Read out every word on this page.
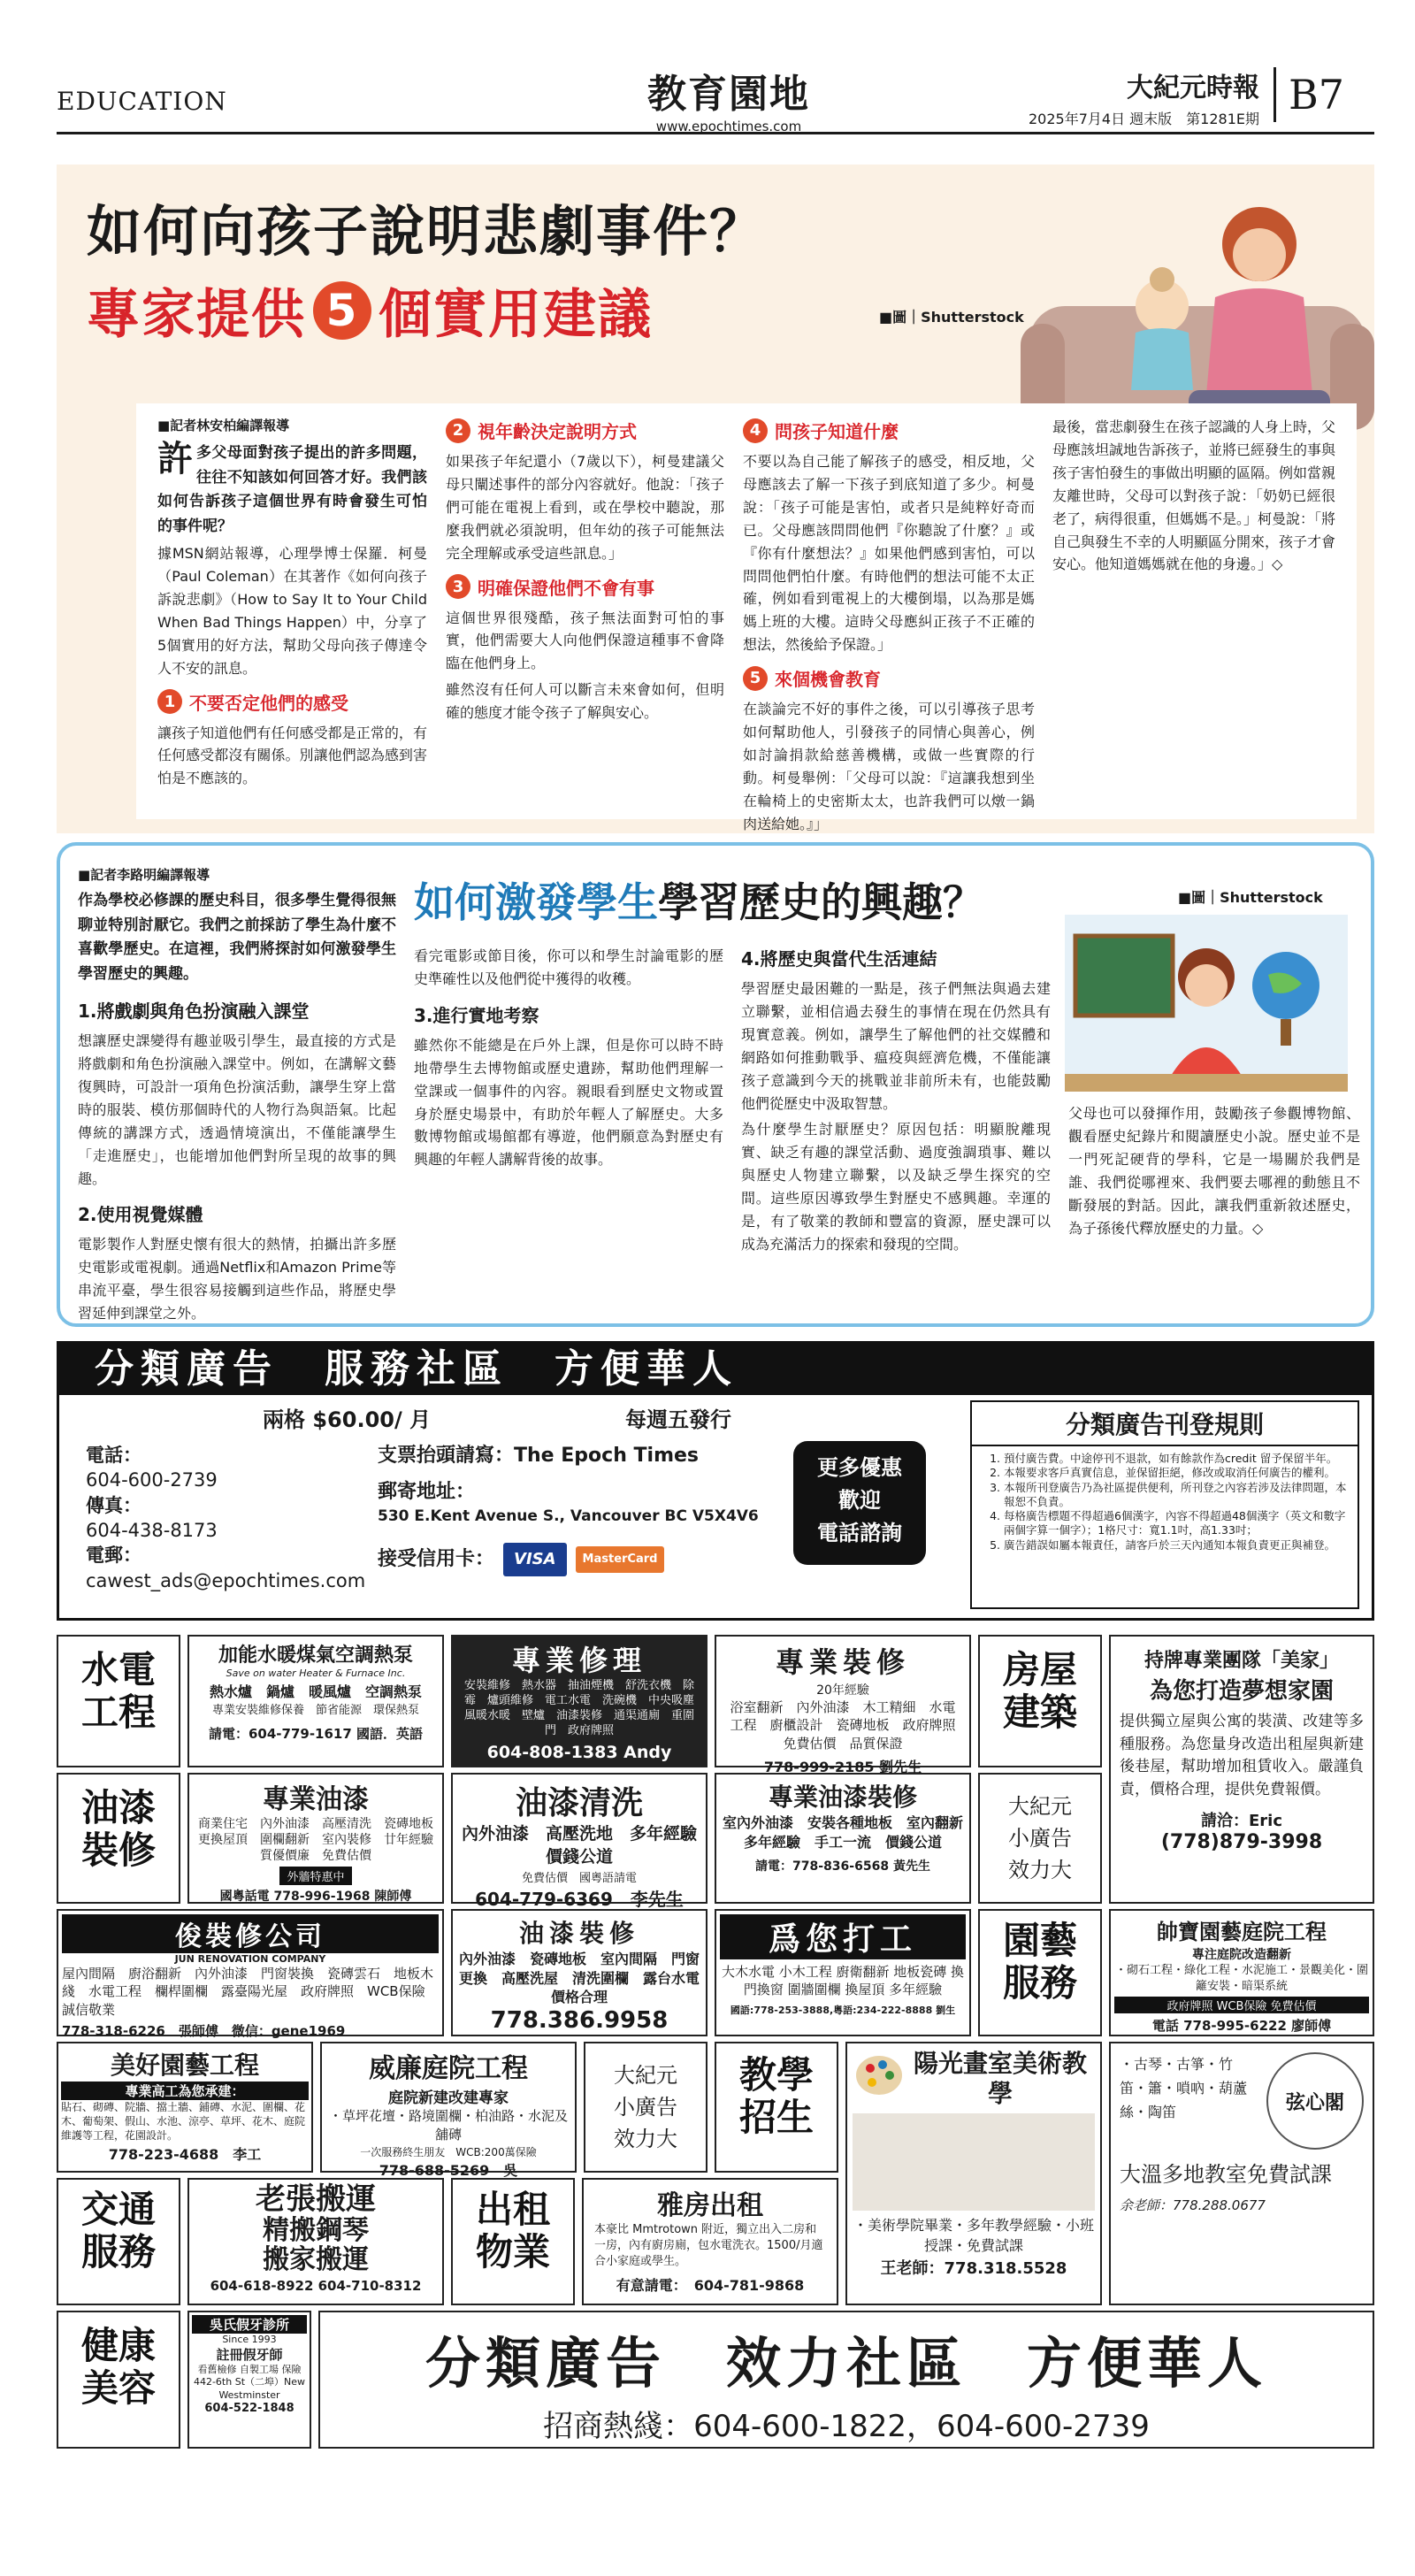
EDUCATION	教育園地
www.epochtimes.com
大紀元時報
2025年7月4日 週末版　第1281E期
B7
如何向孩子說明悲劇事件？
專家提供 5 個實用建議	■圖｜Shutterstock
■記者林安柏編譯報導

許多父母面對孩子提出的許多問題，往往不知該如何回答才好。我們該如何告訴孩子這個世界有時會發生可怕的事件呢？

據MSN網站報導，心理學博士保羅．柯曼（Paul Coleman）在其著作《如何向孩子訴說悲劇》（How to Say It to Your Child When Bad Things Happen）中，分享了5個實用的好方法，幫助父母向孩子傳達令人不安的訊息。

1 不要否定他們的感受

讓孩子知道他們有任何感受都是正常的，有任何感受都沒有關係。別讓他們認為感到害怕是不應該的。

2 視年齡決定說明方式

如果孩子年紀還小（7歲以下），柯曼建議父母只闡述事件的部分內容就好。他說：「孩子們可能在電視上看到，或在學校中聽說，那麼我們就必須說明，但年幼的孩子可能無法完全理解或承受這些訊息。」

3 明確保證他們不會有事

這個世界很殘酷，孩子無法面對可怕的事實，他們需要大人向他們保證這種事不會降臨在他們身上。

雖然沒有任何人可以斷言未來會如何，但明確的態度才能令孩子了解與安心。

4 問孩子知道什麼

不要以為自己能了解孩子的感受，相反地，父母應該去了解一下孩子到底知道了多少。柯曼說：「孩子可能是害怕，或者只是純粹好奇而已。父母應該問問他們『你聽說了什麼？』或『你有什麼想法？』如果他們感到害怕，可以問問他們怕什麼。有時他們的想法可能不太正確，例如看到電視上的大樓倒塌，以為那是媽媽上班的大樓。這時父母應糾正孩子不正確的想法，然後給予保證。」

5 來個機會教育

在談論完不好的事件之後，可以引導孩子思考如何幫助他人，引發孩子的同情心與善心，例如討論捐款給慈善機構，或做一些實際的行動。柯曼舉例：「父母可以說：『這讓我想到坐在輪椅上的史密斯太太，也許我們可以燉一鍋肉送給她。』」

最後，當悲劇發生在孩子認識的人身上時，父母應該坦誠地告訴孩子，並將已經發生的事與孩子害怕發生的事做出明顯的區隔。例如當親友離世時，父母可以對孩子說：「奶奶已經很老了，病得很重，但媽媽不是。」柯曼說：「將自己與發生不幸的人明顯區分開來，孩子才會安心。他知道媽媽就在他的身邊。」◇

如何激發學生 學習歷史的興趣？	■圖｜Shutterstock
■記者李路明編譯報導

作為學校必修課的歷史科目，很多學生覺得很無聊並特別討厭它。我們之前採訪了學生為什麼不喜歡學歷史。在這裡，我們將探討如何激發學生學習歷史的興趣。

1.將戲劇與角色扮演融入課堂

想讓歷史課變得有趣並吸引學生，最直接的方式是將戲劇和角色扮演融入課堂中。例如，在講解文藝復興時，可設計一項角色扮演活動，讓學生穿上當時的服裝、模仿那個時代的人物行為與語氣。比起傳統的講課方式，透過情境演出，不僅能讓學生「走進歷史」，也能增加他們對所呈現的故事的興趣。

2.使用視覺媒體

電影製作人對歷史懷有很大的熱情，拍攝出許多歷史電影或電視劇。通過Netflix和Amazon Prime等串流平臺，學生很容易接觸到這些作品，將歷史學習延伸到課堂之外。

看完電影或節目後，你可以和學生討論電影的歷史準確性以及他們從中獲得的收穫。

3.進行實地考察

雖然你不能總是在戶外上課，但是你可以時不時地帶學生去博物館或歷史遺跡，幫助他們理解一堂課或一個事件的內容。親眼看到歷史文物或置身於歷史場景中，有助於年輕人了解歷史。大多數博物館或場館都有導遊，他們願意為對歷史有興趣的年輕人講解背後的故事。

4.將歷史與當代生活連結

學習歷史最困難的一點是，孩子們無法與過去建立聯繫，並相信過去發生的事情在現在仍然具有現實意義。例如，讓學生了解他們的社交媒體和網路如何推動戰爭、瘟疫與經濟危機，不僅能讓孩子意識到今天的挑戰並非前所未有，也能鼓勵他們從歷史中汲取智慧。

為什麼學生討厭歷史？原因包括：明顯脫離現實、缺乏有趣的課堂活動、過度強調瑣事、難以與歷史人物建立聯繫，以及缺乏學生探究的空間。這些原因導致學生對歷史不感興趣。幸運的是，有了敬業的教師和豐富的資源，歷史課可以成為充滿活力的探索和發現的空間。

父母也可以發揮作用，鼓勵孩子參觀博物館、觀看歷史紀錄片和閱讀歷史小說。歷史並不是一門死記硬背的學科，它是一場關於我們是誰、我們從哪裡來、我們要去哪裡的動態且不斷發展的對話。因此，讓我們重新敘述歷史，為子孫後代釋放歷史的力量。◇

分類廣告　服務社區　方便華人
兩格 $60.00/ 月	每週五發行
電話：
604-600-2739
傳真：
604-438-8173
電郵：
cawest_ads@epochtimes.com
支票抬頭請寫：The Epoch Times
郵寄地址：
530 E.Kent Avenue S., Vancouver BC V5X4V6
接受信用卡：	VISA	MasterCard
更多優惠
歡迎
電話諮詢
分類廣告刊登規則
1. 預付廣告費。中途停刊不退款，如有餘款作為credit 留予保留半年。
2. 本報要求客戶真實信息，並保留拒絕，修改或取消任何廣告的權利。
3. 本報所刊登廣告乃為社區提供便利，所刊登之內容若涉及法律問題，本報恕不負責。
4. 每格廣告標題不得超過6個漢字，內容不得超過48個漢字（英文和數字兩個字算一個字）；1格尺寸：寬1.1吋，高1.33吋；
5. 廣告錯誤如屬本報責任，請客戶於三天內通知本報負責更正與補登。
水電
工程
加能水暖煤氣空調熱泵
Save on water Heater & Furnace Inc.
熱水爐　鍋爐　暖風爐　空調熱泵
專業安裝維修保養　節省能源　環保熱泵
請電：604-779-1617 國語．英語
專業修理
安裝維修　熱水器　抽油煙機　舒洗衣機　除霉　爐頭維修　電工水電　洗碗機　中央吸塵　風暖水暖　壁爐　油漆裝修　通渠通廁　重圍門　政府牌照
604-808-1383 Andy
專業裝修
20年經驗
浴室翻新　內外油漆　木工精細　水電工程　廚櫃設計　瓷磚地板　政府牌照　免費估價　品質保證
778-999-2185 劉先生
房屋
建築
持牌專業團隊「美家」
為您打造夢想家園
提供獨立屋與公寓的裝潢、改建等多種服務。為您量身改造出租屋與新建後巷屋，幫助增加租賃收入。嚴謹負責，價格合理，提供免費報價。
請洽：Eric
(778)879-3998
油漆
裝修
專業油漆
商業住宅　內外油漆　高壓清洗　瓷磚地板　更換屋頂　圍欄翻新　室內裝修　廿年經驗　質優價廉　免費估價
外牆特惠中
國粵話電 778-996-1968 陳師傅
油漆清洗
內外油漆　高壓洗地　多年經驗　價錢公道
免費估價　國粵語請電
604-779-6369　李先生
專業油漆裝修
室內外油漆　安裝各種地板　室內翻新　多年經驗　手工一流　價錢公道
請電：778-836-6568 黃先生
大紀元小廣告效力大
俊裝修公司
JUN RENOVATION COMPANY
屋內間隔　廚浴翻新　內外油漆　門窗裝換　瓷磚雲石　地板木綫　水電工程　欄桿圍欄　露臺陽光屋　政府牌照　WCB保險　誠信敬業
778-318-6226　張師傅　微信：gene1969
油漆裝修
內外油漆　瓷磚地板　室內間隔　門窗更換　高壓洗屋　清洗圍欄　露台水電　價格合理
778.386.9958
爲您打工
大木水電 小木工程 廚衛翻新 地板瓷磚 換門換窗 圍牆圍欄 換屋頂 多年經驗
國語:778-253-3888,粵語:234-222-8888 劉生
園藝
服務
帥寶園藝庭院工程
專注庭院改造翻新
・砌石工程・綠化工程・水泥施工・景觀美化・圍籬安裝・暗渠系統
政府牌照 WCB保險 免費估價
電話 778-995-6222 廖師傅
美好園藝工程
專業高工為您承建：
貼石、砌磚、院牆、擋土牆、鋪磚、水泥、圍欄、花木、葡萄架、假山、水池、涼亭、草坪、花木、庭院維護等工程，花園設計。
778-223-4688　李工
威廉庭院工程
庭院新建改建專家
・草坪花壇・路境圍欄・柏油路・水泥及舖磚
一次服務終生朋友　WCB:200萬保險
778-688-5269　吳
大紀元小廣告效力大
教學
招生
陽光畫室美術教學
・美術學院畢業・多年教學經驗・小班授課・免費試課
王老師：778.318.5528
・古琴・古箏・竹笛・簫・嗩吶・葫蘆絲・陶笛	弦心閣
大溫多地教室免費試課
余老師：778.288.0677
交通
服務
老張搬運
精搬鋼琴
搬家搬運
604-618-8922 604-710-8312
出租
物業
雅房出租
本豪比 Mmtrotown 附近，獨立出入二房和一房，內有廚房廁，包水電洗衣。1500/月適合小家庭或學生。
有意請電：　604-781-9868
健康
美容
吳氏假牙診所
Since 1993
註冊假牙師
看舊檢修 自製工場 保險
442-6th St（二埠）New Westminster
604-522-1848
分類廣告　效力社區　方便華人
招商熱綫：604-600-1822，604-600-2739
